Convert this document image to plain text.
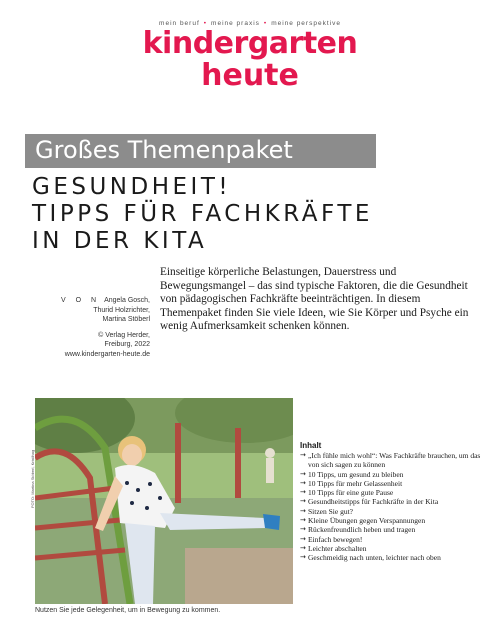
mein beruf • meine praxis • meine perspektive
kindergarten
heute
Großes Themenpaket
GESUNDHEIT!
TIPPS FÜR FACHKRÄFTE
IN DER KITA
V O N Angela Gosch,
Thurid Holzrichter,
Martina Stöberl
© Verlag Herder,
Freiburg, 2022
www.kindergarten-heute.de
Einseitige körperliche Belastungen, Dauerstress und Bewegungsmangel – das sind typische Faktoren, die die Gesundheit von pädagogischen Fachkräfte beeinträchtigen. In diesem Themenpaket finden Sie viele Ideen, wie Sie Körper und Psyche ein wenig Aufmerksamkeit schenken können.
FOTO: Martina Stöberl, Kristlhag
Nutzen Sie jede Gelegenheit, um in Bewegung zu kommen.
Inhalt
→ „Ich fühle mich wohl“: Was Fachkräfte brauchen, um das von sich sagen zu können
→ 10 Tipps, um gesund zu bleiben
→ 10 Tipps für mehr Gelassenheit
→ 10 Tipps für eine gute Pause
→ Gesundheitstipps für Fachkräfte in der Kita
→ Sitzen Sie gut?
→ Kleine Übungen gegen Verspannungen
→ Rückenfreundlich heben und tragen
→ Einfach bewegen!
→ Leichter abschalten
→ Geschmeidig nach unten, leichter nach oben
